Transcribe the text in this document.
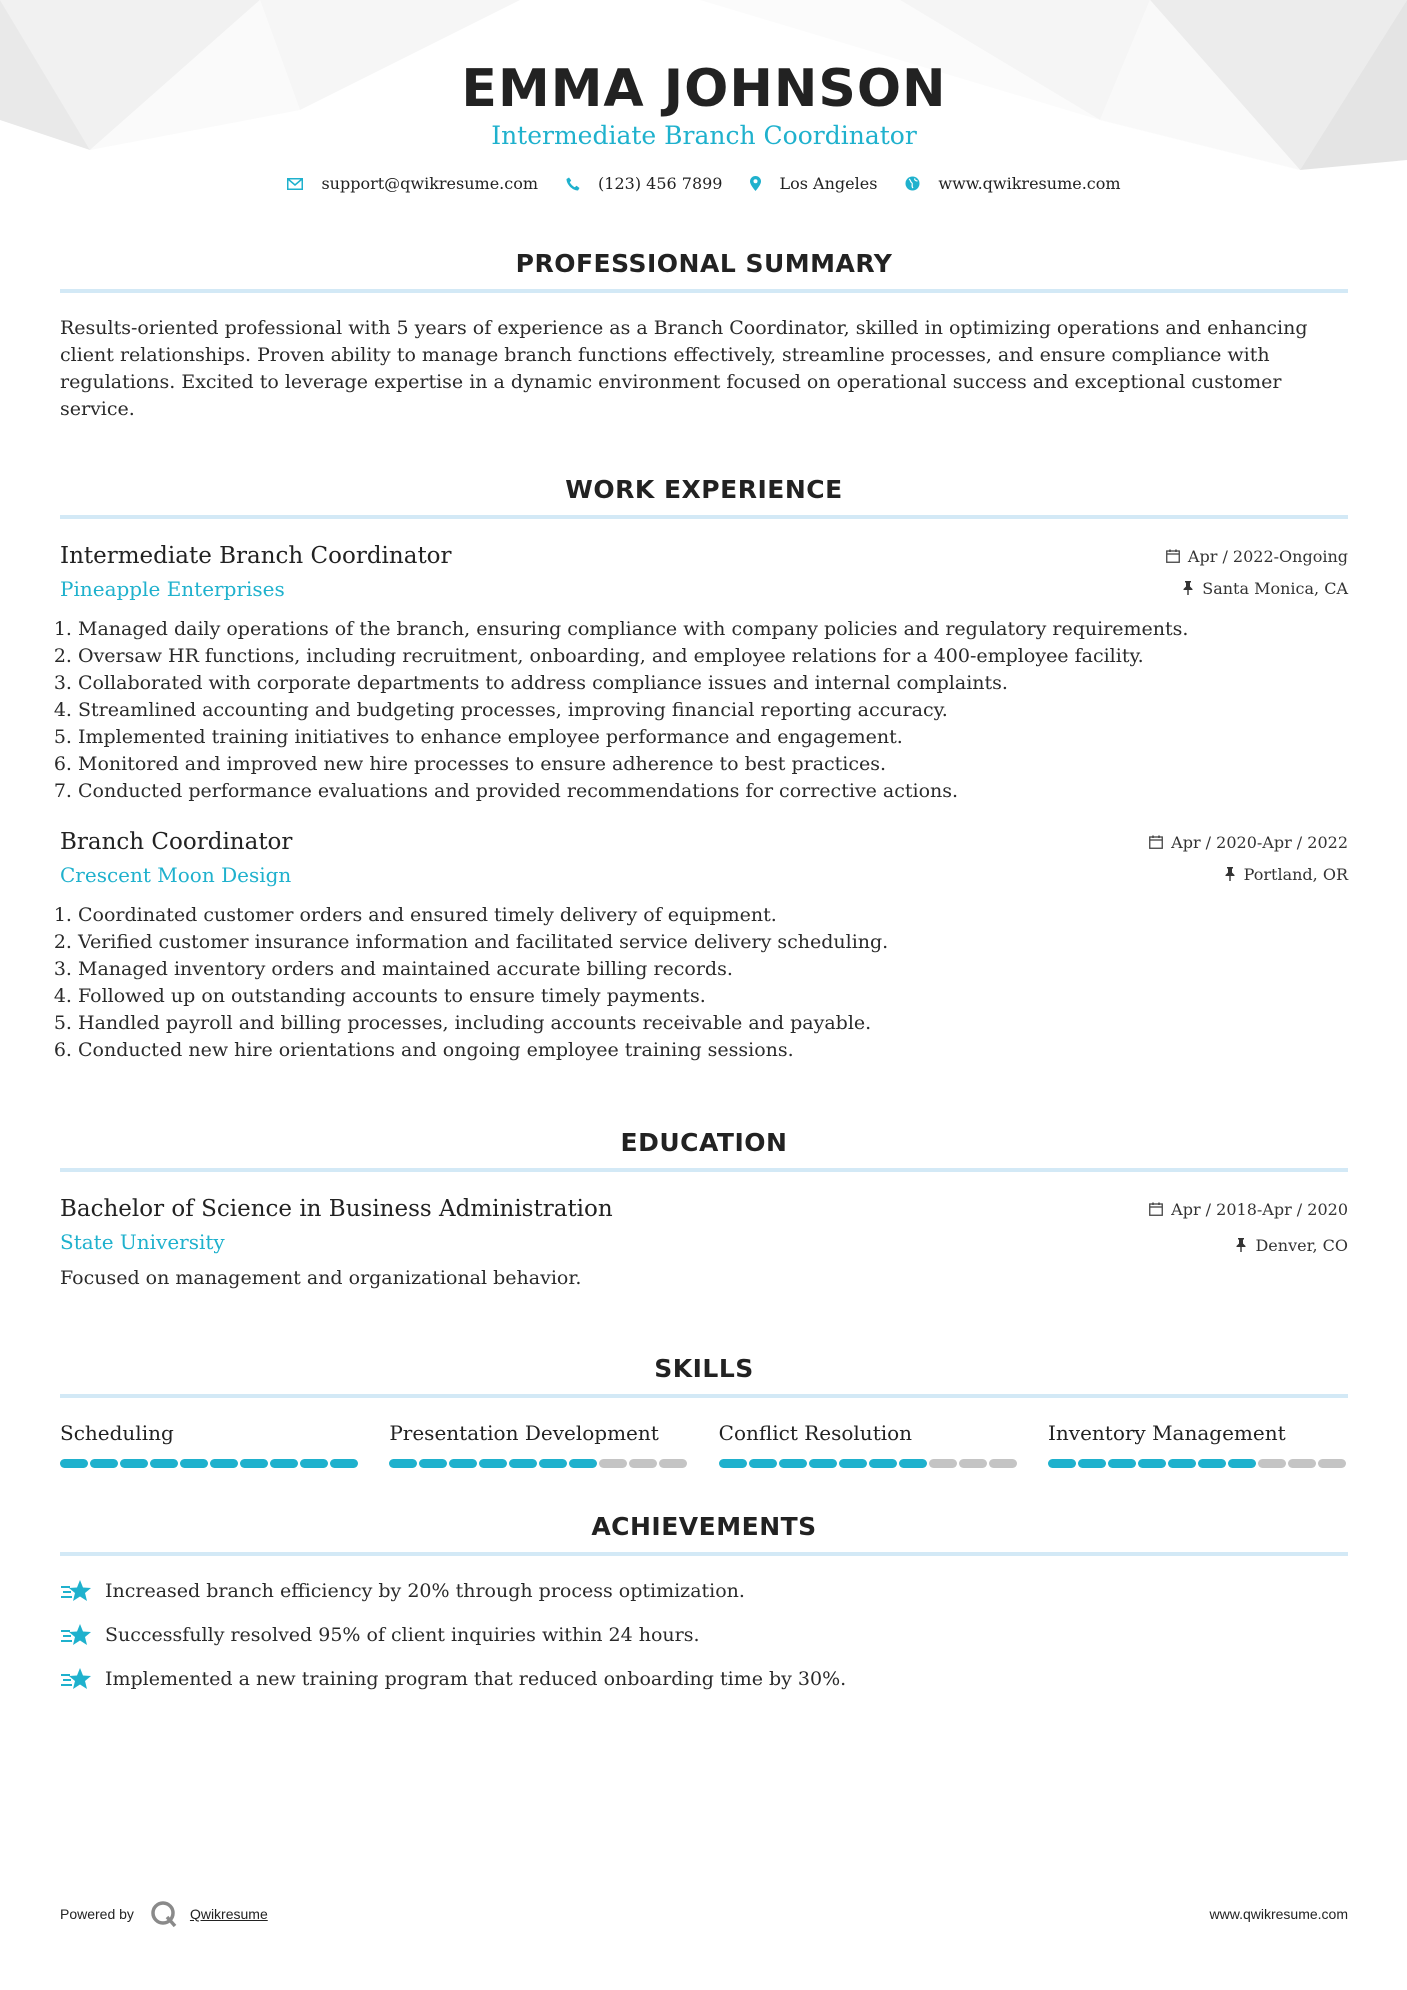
EMMA JOHNSON
Intermediate Branch Coordinator
support@qwikresume.com	(123) 456 7899	Los Angeles	www.qwikresume.com
PROFESSIONAL SUMMARY
Results-oriented professional with 5 years of experience as a Branch Coordinator, skilled in optimizing operations and enhancing client relationships. Proven ability to manage branch functions effectively, streamline processes, and ensure compliance with regulations. Excited to leverage expertise in a dynamic environment focused on operational success and exceptional customer service.
WORK EXPERIENCE
Intermediate Branch Coordinator
Pineapple Enterprises
Apr / 2022-Ongoing
Santa Monica, CA
1. Managed daily operations of the branch, ensuring compliance with company policies and regulatory requirements.
2. Oversaw HR functions, including recruitment, onboarding, and employee relations for a 400-employee facility.
3. Collaborated with corporate departments to address compliance issues and internal complaints.
4. Streamlined accounting and budgeting processes, improving financial reporting accuracy.
5. Implemented training initiatives to enhance employee performance and engagement.
6. Monitored and improved new hire processes to ensure adherence to best practices.
7. Conducted performance evaluations and provided recommendations for corrective actions.
Branch Coordinator
Crescent Moon Design
Apr / 2020-Apr / 2022
Portland, OR
1. Coordinated customer orders and ensured timely delivery of equipment.
2. Verified customer insurance information and facilitated service delivery scheduling.
3. Managed inventory orders and maintained accurate billing records.
4. Followed up on outstanding accounts to ensure timely payments.
5. Handled payroll and billing processes, including accounts receivable and payable.
6. Conducted new hire orientations and ongoing employee training sessions.
EDUCATION
Bachelor of Science in Business Administration
State University
Apr / 2018-Apr / 2020
Denver, CO
Focused on management and organizational behavior.
SKILLS
Scheduling	Presentation Development	Conflict Resolution	Inventory Management
ACHIEVEMENTS
Increased branch efficiency by 20% through process optimization.
Successfully resolved 95% of client inquiries within 24 hours.
Implemented a new training program that reduced onboarding time by 30%.
Powered by	Qwikresume	www.qwikresume.com
